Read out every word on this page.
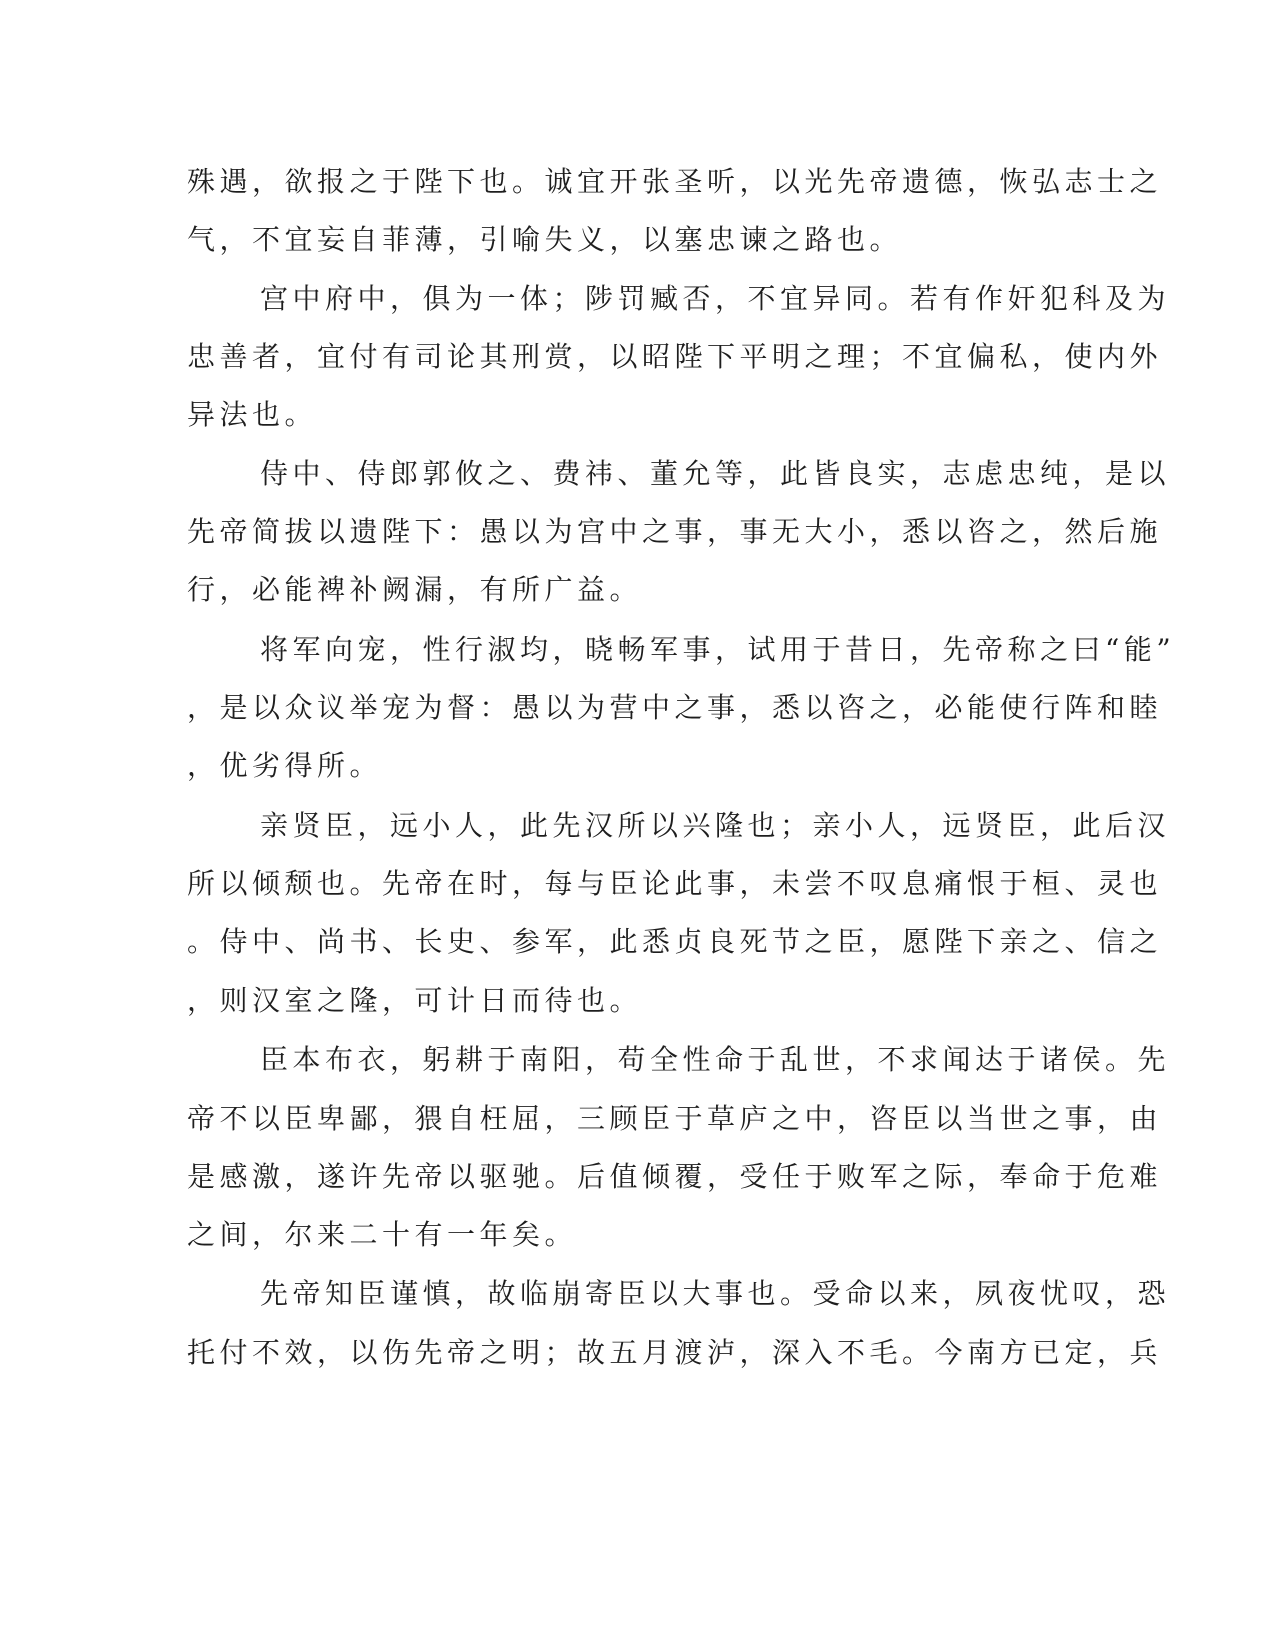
殊遇，欲报之于陛下也。诚宜开张圣听，以光先帝遗德，恢弘志士之

气，不宜妄自菲薄，引喻失义，以塞忠谏之路也。

宫中府中，俱为一体；陟罚臧否，不宜异同。若有作奸犯科及为

忠善者，宜付有司论其刑赏，以昭陛下平明之理；不宜偏私，使内外

异法也。

侍中、侍郎郭攸之、费祎、董允等，此皆良实，志虑忠纯，是以

先帝简拔以遗陛下：愚以为宫中之事，事无大小，悉以咨之，然后施

行，必能裨补阙漏，有所广益。

将军向宠，性行淑均，晓畅军事，试用于昔日，先帝称之曰“能”

，是以众议举宠为督：愚以为营中之事，悉以咨之，必能使行阵和睦

，优劣得所。

亲贤臣，远小人，此先汉所以兴隆也；亲小人，远贤臣，此后汉

所以倾颓也。先帝在时，每与臣论此事，未尝不叹息痛恨于桓、灵也

。侍中、尚书、长史、参军，此悉贞良死节之臣，愿陛下亲之、信之

，则汉室之隆，可计日而待也。

臣本布衣，躬耕于南阳，苟全性命于乱世，不求闻达于诸侯。先

帝不以臣卑鄙，猥自枉屈，三顾臣于草庐之中，咨臣以当世之事，由

是感激，遂许先帝以驱驰。后值倾覆，受任于败军之际，奉命于危难

之间，尔来二十有一年矣。

先帝知臣谨慎，故临崩寄臣以大事也。受命以来，夙夜忧叹，恐

托付不效，以伤先帝之明；故五月渡泸，深入不毛。今南方已定，兵
